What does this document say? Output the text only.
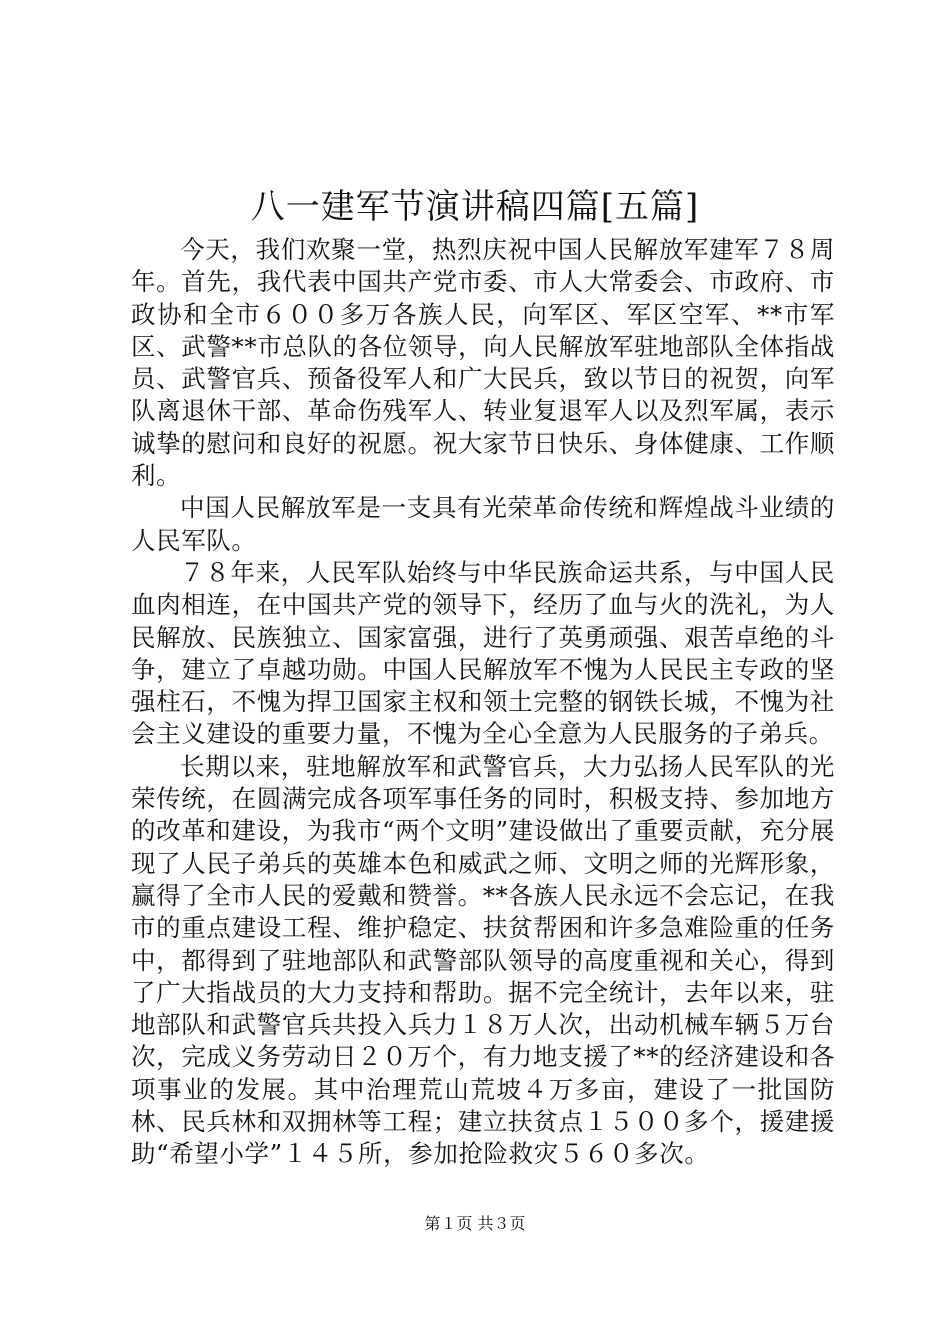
八一建军节演讲稿四篇[五篇]

今天，我们欢聚一堂，热烈庆祝中国人民解放军建军７８周年。首先，我代表中国共产党市委、市人大常委会、市政府、市政协和全市６００多万各族人民，向军区、军区空军、**市军区、武警**市总队的各位领导，向人民解放军驻地部队全体指战员、武警官兵、预备役军人和广大民兵，致以节日的祝贺，向军队离退休干部、革命伤残军人、转业复退军人以及烈军属，表示诚挚的慰问和良好的祝愿。祝大家节日快乐、身体健康、工作顺利。

中国人民解放军是一支具有光荣革命传统和辉煌战斗业绩的人民军队。

７８年来，人民军队始终与中华民族命运共系，与中国人民血肉相连，在中国共产党的领导下，经历了血与火的洗礼，为人民解放、民族独立、国家富强，进行了英勇顽强、艰苦卓绝的斗争，建立了卓越功勋。中国人民解放军不愧为人民民主专政的坚强柱石，不愧为捍卫国家主权和领土完整的钢铁长城，不愧为社会主义建设的重要力量，不愧为全心全意为人民服务的子弟兵。

长期以来，驻地解放军和武警官兵，大力弘扬人民军队的光荣传统，在圆满完成各项军事任务的同时，积极支持、参加地方的改革和建设，为我市“两个文明”建设做出了重要贡献，充分展现了人民子弟兵的英雄本色和威武之师、文明之师的光辉形象，赢得了全市人民的爱戴和赞誉。**各族人民永远不会忘记，在我市的重点建设工程、维护稳定、扶贫帮困和许多急难险重的任务中，都得到了驻地部队和武警部队领导的高度重视和关心，得到了广大指战员的大力支持和帮助。据不完全统计，去年以来，驻地部队和武警官兵共投入兵力１８万人次，出动机械车辆５万台次，完成义务劳动日２０万个，有力地支援了**的经济建设和各项事业的发展。其中治理荒山荒坡４万多亩，建设了一批国防林、民兵林和双拥林等工程；建立扶贫点１５００多个，援建援助“希望小学”１４５所，参加抢险救灾５６０多次。

第１页 共３页
